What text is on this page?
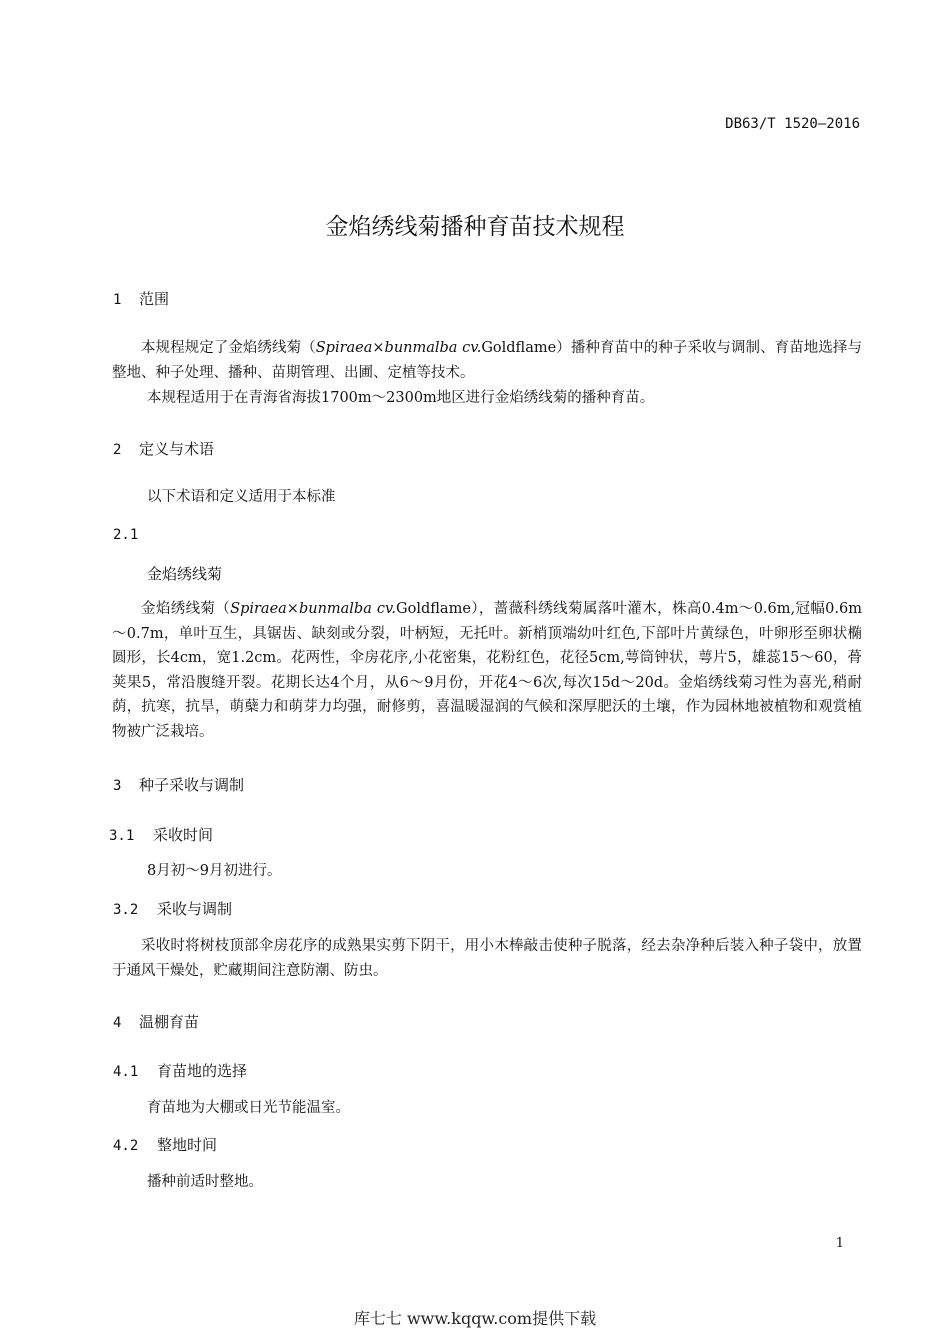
DB63/T 1520—2016
金焰绣线菊播种育苗技术规程
1 范围
本规程规定了金焰绣线菊（Spiraea×bunmalba cv.Goldflame）播种育苗中的种子采收与调制、育苗地选择与整地、种子处理、播种、苗期管理、出圃、定植等技术。
本规程适用于在青海省海拔1700m～2300m地区进行金焰绣线菊的播种育苗。
2 定义与术语
以下术语和定义适用于本标准
2.1
金焰绣线菊
金焰绣线菊（Spiraea×bunmalba cv.Goldflame），蔷薇科绣线菊属落叶灌木，株高0.4m～0.6m,冠幅0.6m～0.7m，单叶互生，具锯齿、缺刻或分裂，叶柄短，无托叶。新梢顶端幼叶红色,下部叶片黄绿色，叶卵形至卵状椭圆形，长4cm，宽1.2cm。花两性，伞房花序,小花密集，花粉红色，花径5cm,萼筒钟状，萼片5，雄蕊15～60，蓇荚果5，常沿腹缝开裂。花期长达4个月，从6～9月份，开花4～6次,每次15d～20d。金焰绣线菊习性为喜光,稍耐荫，抗寒，抗旱，萌蘖力和萌芽力均强，耐修剪，喜温暖湿润的气候和深厚肥沃的土壤，作为园林地被植物和观赏植物被广泛栽培。
3 种子采收与调制
3.1 采收时间
8月初～9月初进行。
3.2 采收与调制
采收时将树枝顶部伞房花序的成熟果实剪下阴干，用小木棒敲击使种子脱落，经去杂净种后装入种子袋中，放置于通风干燥处，贮藏期间注意防潮、防虫。
4 温棚育苗
4.1 育苗地的选择
育苗地为大棚或日光节能温室。
4.2 整地时间
播种前适时整地。
1
库七七 www.kqqw.com提供下载
